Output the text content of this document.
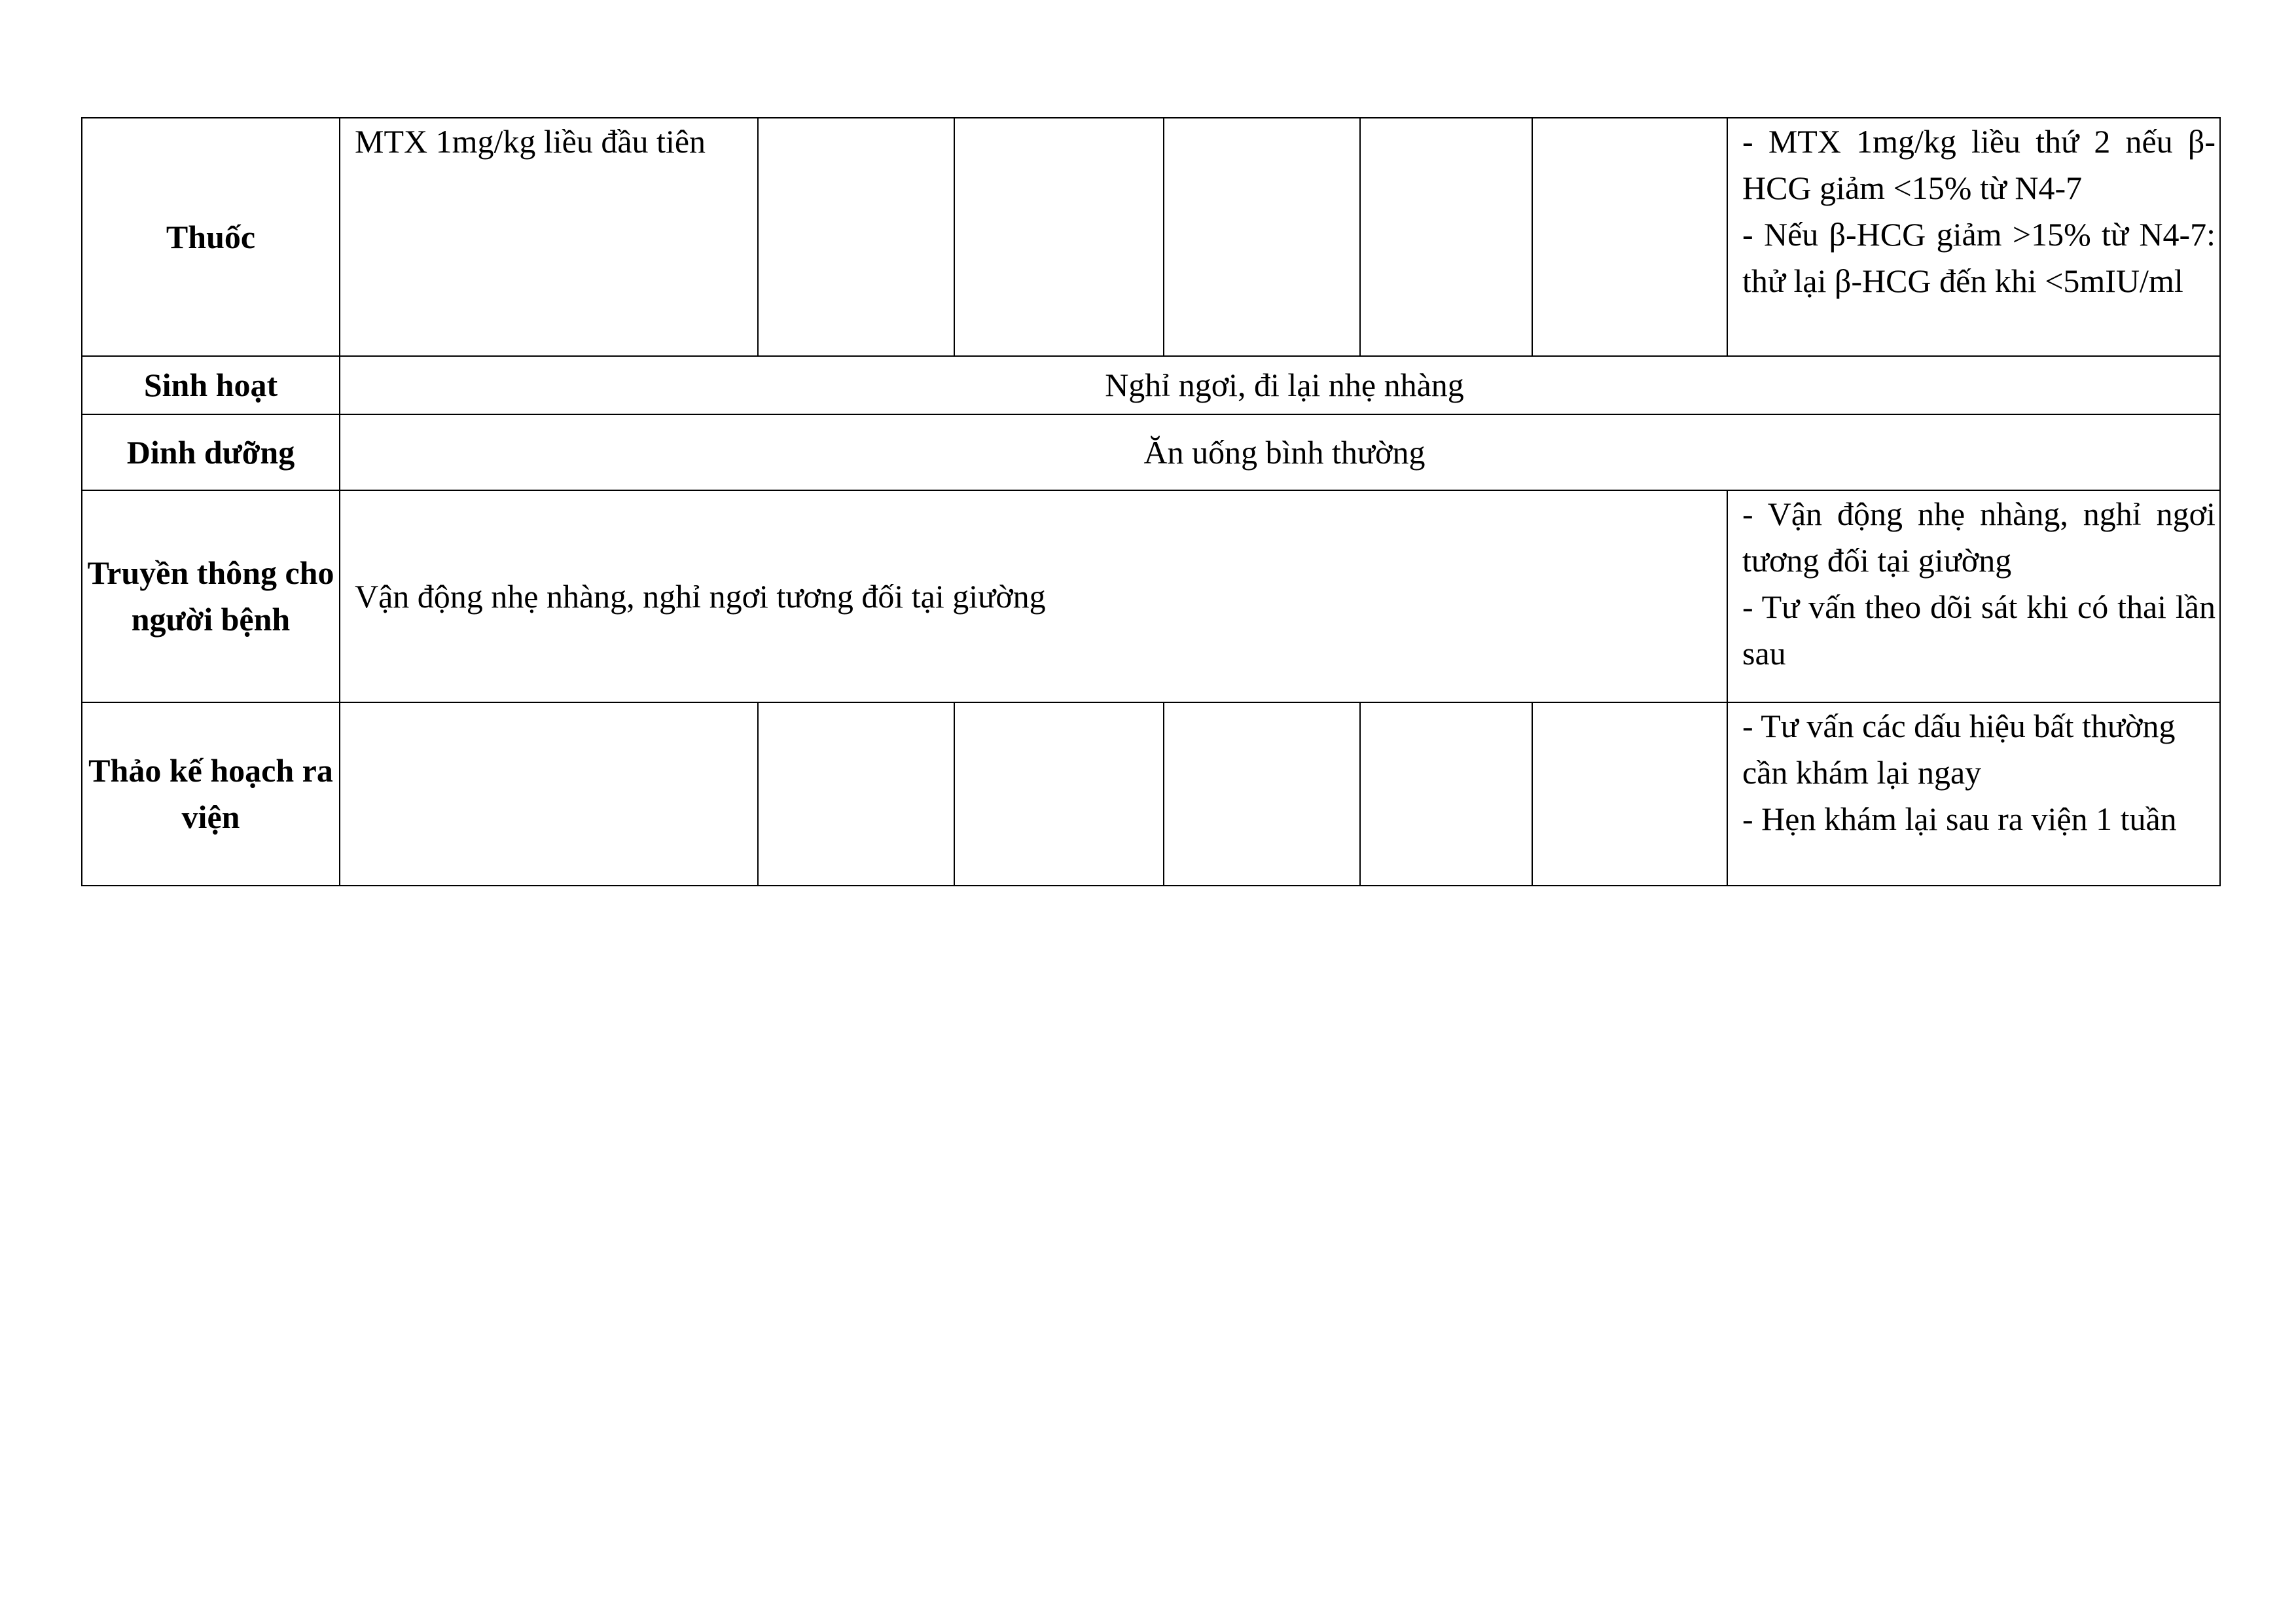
Thuốc	MTX 1mg/kg liều đầu tiên						- MTX 1mg/kg liều thứ 2 nếu β-HCG giảm <15% từ N4-7
- Nếu β-HCG giảm >15% từ N4-7: thử lại β-HCG đến khi <5mIU/ml

Sinh hoạt	Nghỉ ngơi, đi lại nhẹ nhàng						
Dinh dưỡng	Ăn uống bình thường						
Truyền thông cho người bệnh	Vận động nhẹ nhàng, nghỉ ngơi tương đối tại giường						- Vận động nhẹ nhàng, nghỉ ngơi tương đối tại giường
- Tư vấn theo dõi sát khi có thai lần sau

Thảo kế hoạch ra viện							- Tư vấn các dấu hiệu bất thường cần khám lại ngay
- Hẹn khám lại sau ra viện 1 tuần
